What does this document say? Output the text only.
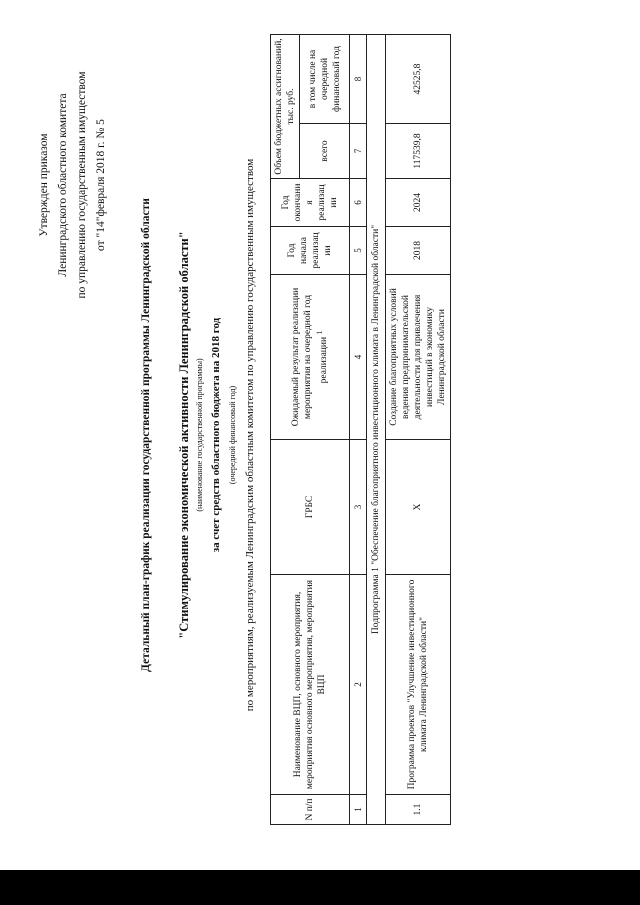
Утвержден приказом Ленинградского областного комитета по управлению государственным имуществом от "14"февраля 2018 г. № 5
Детальный план-график реализации государственной программы Ленинградской области "Стимулирование экономической активности Ленинградской области" (наименование государственной программы) за счет средств областного бюджета на 2018 год (очередной финансовый год) по мероприятиям, реализуемым Ленинградским областным комитетом по управлению государственным имуществом
N п/п	Наименование ВЦП, основного мероприятия, мероприятия основного мероприятия, мероприятия ВЦП	ГРБС	Ожидаемый результат реализации мероприятия на очередной год реализации $^1$	Год начала реализации	Год окончания реализации	Объем бюджетных ассигнований, тыс. руб.	
						всего	в том числе на очередной финансовый год
1	2	3	4	5	6	7	8
Подпрограмма 1 "Обеспечение благоприятного инвестиционного климата в Ленинградской области"							
1.1	Программа проектов "Улучшение инвестиционного климата Ленинградской области"	Х	Создание благоприятных условий ведения предпринимательской деятельности для привлечения инвестиций в экономику Ленинградской области	2018	2024	117539,8	42525,8
